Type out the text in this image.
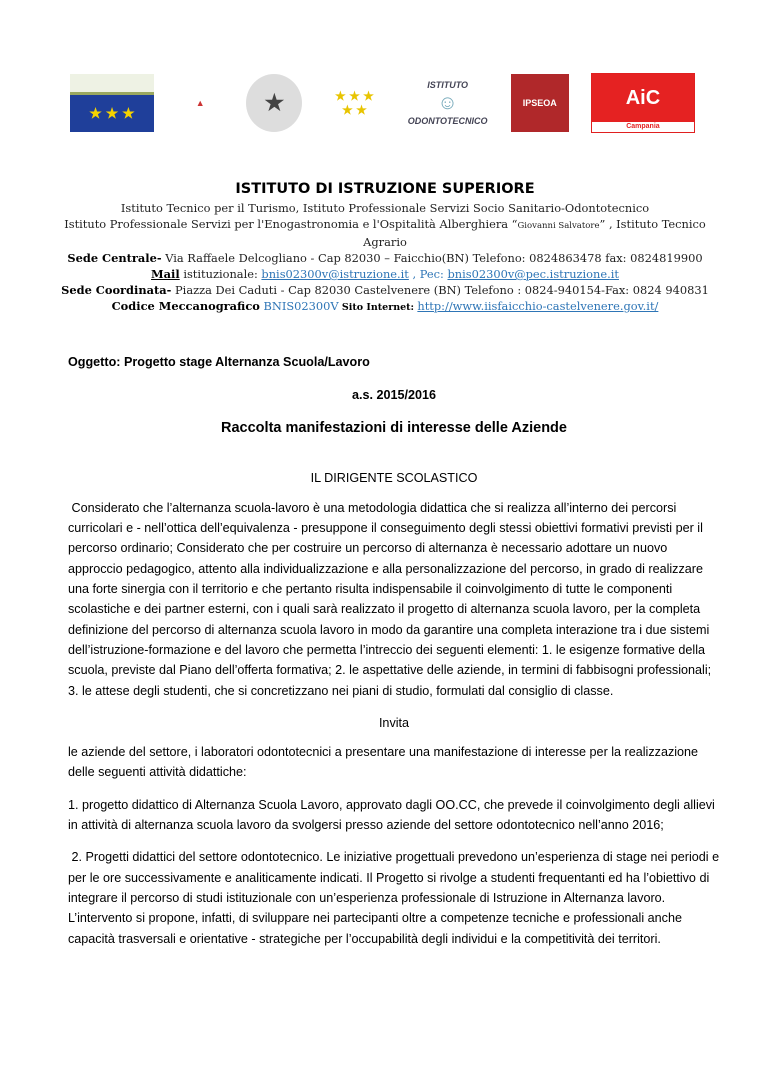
★ ★ ★
▲	★	★ ★ ★
★ ★
ISTITUTO
☺
ODONTOTECNICO
IPSEOA	AiC
Campania
ISTITUTO DI ISTRUZIONE SUPERIORE
Istituto Tecnico per il Turismo, Istituto Professionale Servizi Socio Sanitario-Odontotecnico
Istituto Professionale Servizi per l'Enogastronomia e l'Ospitalità Alberghiera “Giovanni Salvatore” , Istituto Tecnico Agrario
Sede Centrale- Via Raffaele Delcogliano - Cap 82030 – Faicchio(BN) Telefono: 0824863478 fax: 0824819900
Mail istituzionale: bnis02300v@istruzione.it , Pec: bnis02300v@pec.istruzione.it
Sede Coordinata- Piazza Dei Caduti - Cap 82030 Castelvenere (BN) Telefono : 0824-940154-Fax: 0824 940831
Codice Meccanografico BNIS02300V Sito Internet: http://www.iisfaicchio-castelvenere.gov.it/
Oggetto: Progetto stage Alternanza Scuola/Lavoro
a.s. 2015/2016
Raccolta manifestazioni di interesse delle Aziende
IL DIRIGENTE SCOLASTICO

Considerato che l’alternanza scuola-lavoro è una metodologia didattica che si realizza all’interno dei percorsi curricolari e - nell’ottica dell’equivalenza - presuppone il conseguimento degli stessi obiettivi formativi previsti per il percorso ordinario; Considerato che per costruire un percorso di alternanza è necessario adottare un nuovo approccio pedagogico, attento alla individualizzazione e alla personalizzazione del percorso, in grado di realizzare una forte sinergia con il territorio e che pertanto risulta indispensabile il coinvolgimento di tutte le componenti scolastiche e dei partner esterni, con i quali sarà realizzato il progetto di alternanza scuola lavoro, per la completa definizione del percorso di alternanza scuola lavoro in modo da garantire una completa interazione tra i due sistemi dell’istruzione-formazione e del lavoro che permetta l’intreccio dei seguenti elementi: 1. le esigenze formative della scuola, previste dal Piano dell’offerta formativa; 2. le aspettative delle aziende, in termini di fabbisogni professionali; 3. le attese degli studenti, che si concretizzano nei piani di studio, formulati dal consiglio di classe.

Invita

le aziende del settore, i laboratori odontotecnici a presentare una manifestazione di interesse per la realizzazione delle seguenti attività didattiche:

1. progetto didattico di Alternanza Scuola Lavoro, approvato dagli OO.CC, che prevede il coinvolgimento degli allievi in attività di alternanza scuola lavoro da svolgersi presso aziende del settore odontotecnico nell’anno 2016;

2. Progetti didattici del settore odontotecnico. Le iniziative progettuali prevedono un’esperienza di stage nei periodi e per le ore successivamente e analiticamente indicati. Il Progetto si rivolge a studenti frequentanti ed ha l’obiettivo di integrare il percorso di studi istituzionale con un’esperienza professionale di Istruzione in Alternanza lavoro. L’intervento si propone, infatti, di sviluppare nei partecipanti oltre a competenze tecniche e professionali anche capacità trasversali e orientative - strategiche per l’occupabilità degli individui e la competitività dei territori.
